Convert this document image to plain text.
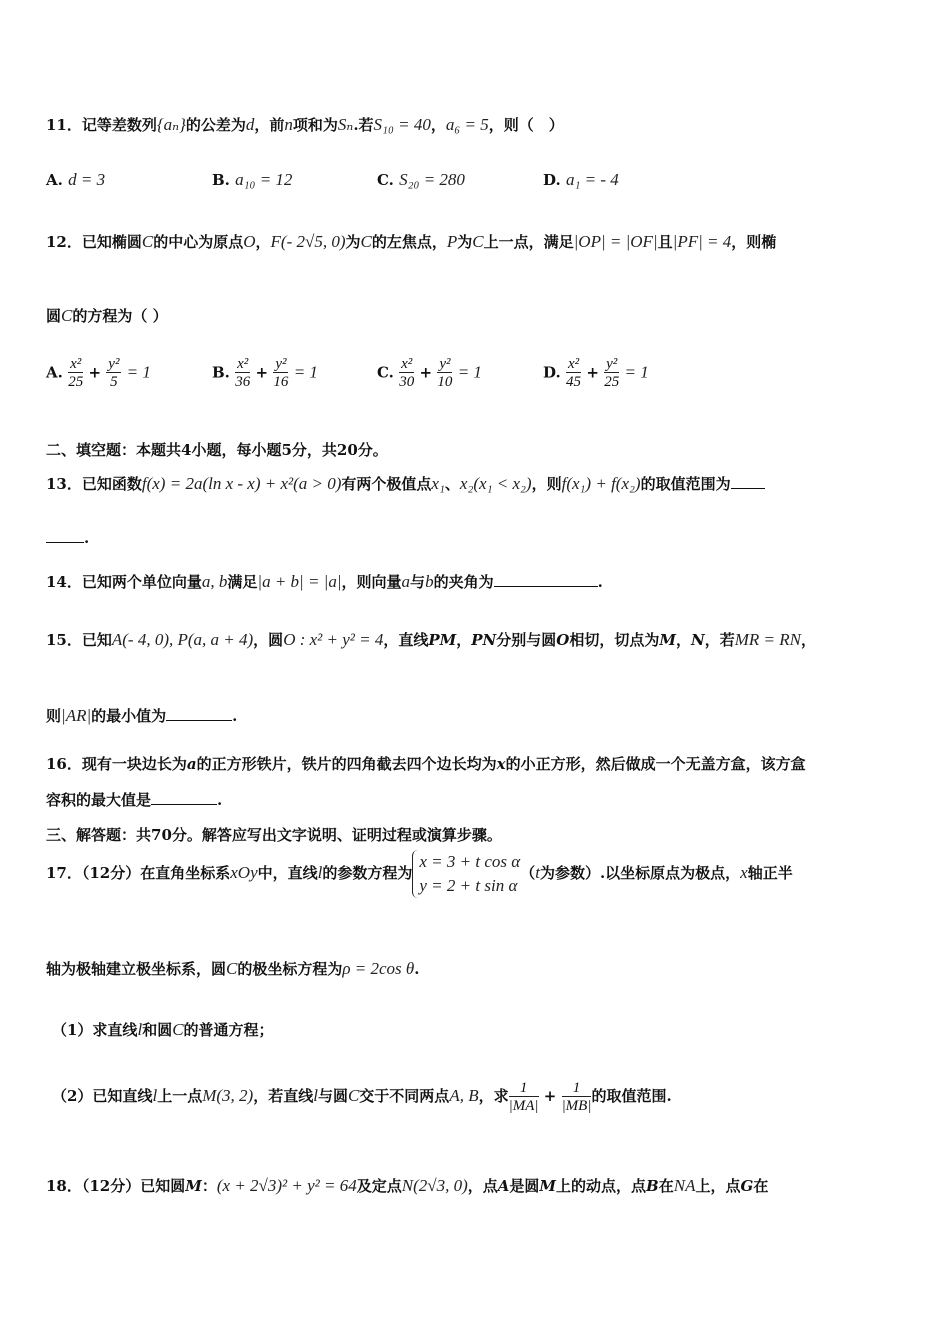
11．记等差数列{aₙ}的公差为d，前n项和为Sₙ.若S₁₀ = 40，a₆ = 5，则（　）
A. d = 3	B. a₁₀ = 12	C. S₂₀ = 280	D. a₁ = - 4
12．已知椭圆C的中心为原点O，F(- 2√5, 0)为C的左焦点，P为C上一点，满足|OP| = |OF|且|PF| = 4，则椭
圆C的方程为（ ）
A. $\frac{\text{x²}}{25} + \frac{\text{y²}}{5} = 1$	B. $\frac{\text{x²}}{36} + \frac{\text{y²}}{16} = 1$	C. $\frac{\text{x²}}{30} + \frac{\text{y²}}{10} = 1$	D. $\frac{\text{x²}}{45} + \frac{\text{y²}}{25} = 1$
二、填空题：本题共4小题，每小题5分，共20分。
13．已知函数f(x) = 2a(ln x - x) + x²(a > 0)有两个极值点x₁、x₂(x₁ < x₂)，则f(x₁) + f(x₂)的取值范围为
.
14．已知两个单位向量a, b满足|a + b| = |a|，则向量a与b的夹角为	.
15．已知A(- 4, 0), P(a, a + 4)，圆O : x² + y² = 4，直线PM，PN分别与圆O相切，切点为M，N，若MR = RN，
则|AR|的最小值为	.
16．现有一块边长为a的正方形铁片，铁片的四角截去四个边长均为x的小正方形，然后做成一个无盖方盒，该方盒
容积的最大值是	.
三、解答题：共70分。解答应写出文字说明、证明过程或演算步骤。
17．（12分）在直角坐标系xOy中，直线l的参数方程为
x = 3 + t cos α
y = 2 + t sin α
（t为参数）.以坐标原点为极点，x轴正半
轴为极轴建立极坐标系，圆C的极坐标方程为ρ = 2cos θ.
（1）求直线l和圆C的普通方程；
（2）已知直线l上一点M(3, 2)，若直线l与圆C交于不同两点A, B，求 $\frac{1}{|MA|} + \frac{1}{|MB|}$ 的取值范围.
18．（12分）已知圆M：(x + 2√3)² + y² = 64及定点N(2√3, 0)，点A是圆M上的动点，点B在NA上，点G在
